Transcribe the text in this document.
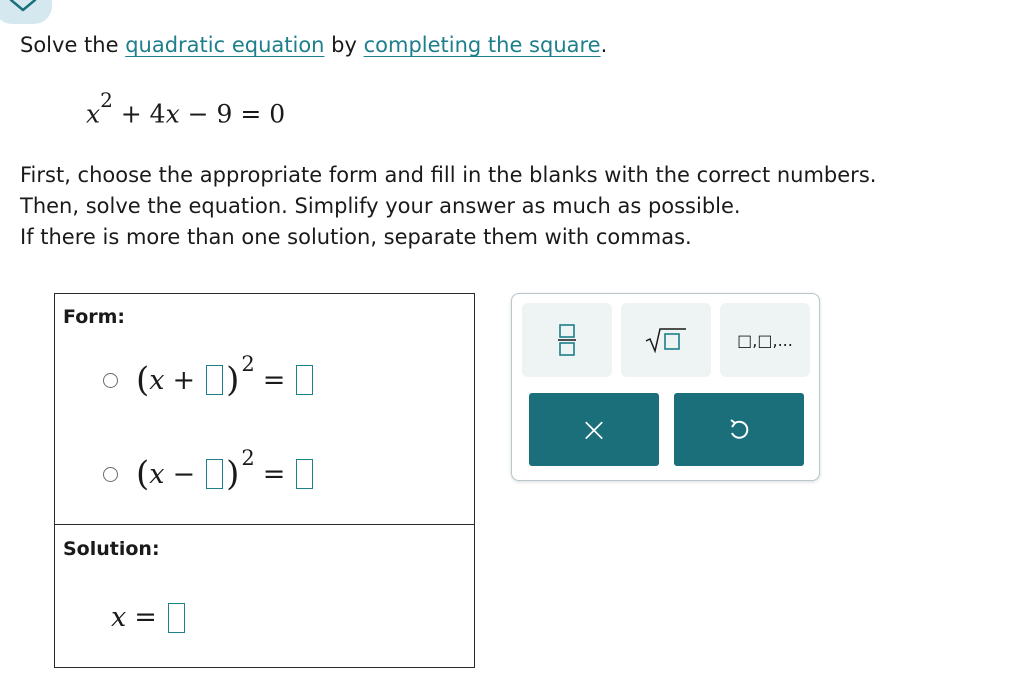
Solve the quadratic equation by completing the square.
$x^2 + 4x - 9 = 0$
First, choose the appropriate form and fill in the blanks with the correct numbers.
Then, solve the equation. Simplify your answer as much as possible.
If there is more than one solution, separate them with commas.
Form:
( x + ) 2
=
( x − ) 2
=
Solution:
x =
□,□,...
×
